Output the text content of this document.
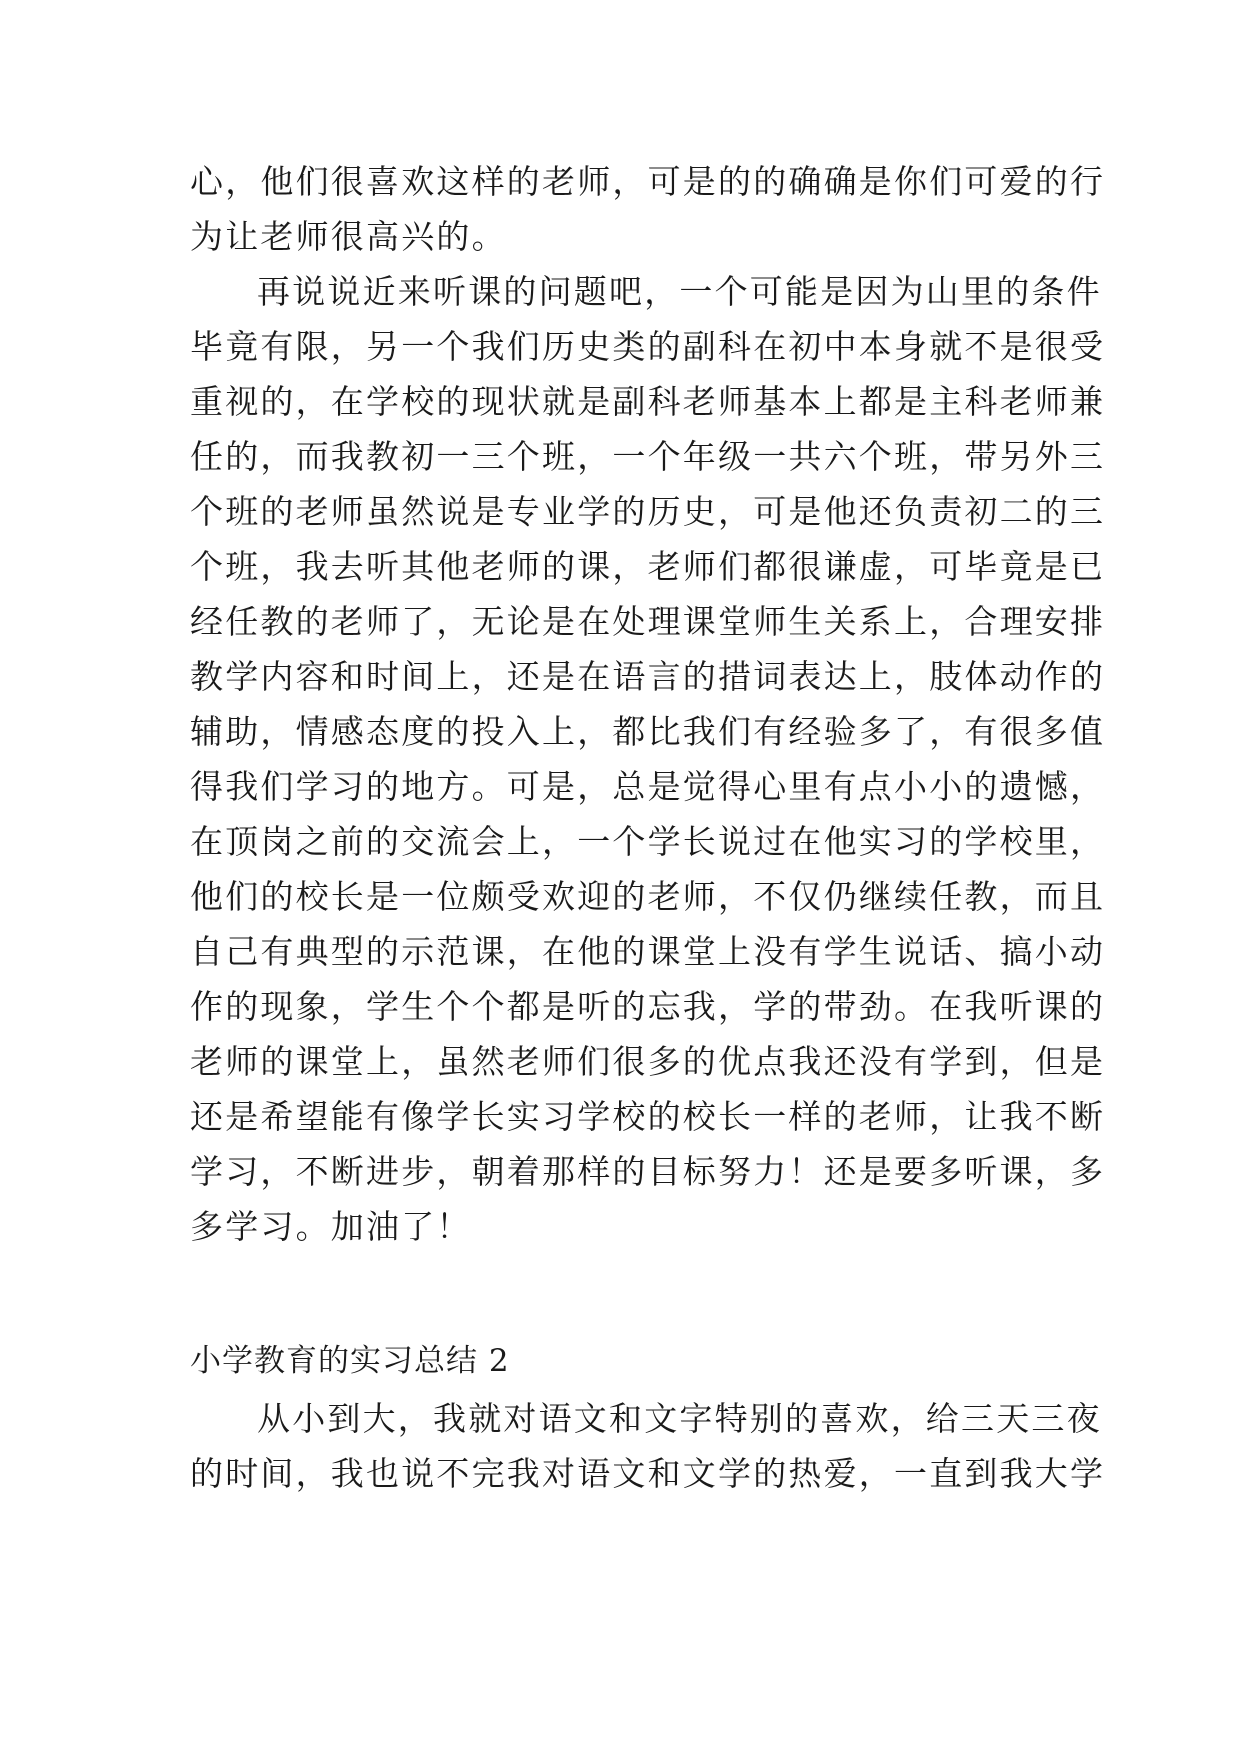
心，他们很喜欢这样的老师，可是的的确确是你们可爱的行
为让老师很高兴的。
再说说近来听课的问题吧，一个可能是因为山里的条件
毕竟有限，另一个我们历史类的副科在初中本身就不是很受
重视的，在学校的现状就是副科老师基本上都是主科老师兼
任的，而我教初一三个班，一个年级一共六个班，带另外三
个班的老师虽然说是专业学的历史，可是他还负责初二的三
个班，我去听其他老师的课，老师们都很谦虚，可毕竟是已
经任教的老师了，无论是在处理课堂师生关系上，合理安排
教学内容和时间上，还是在语言的措词表达上，肢体动作的
辅助，情感态度的投入上，都比我们有经验多了，有很多值
得我们学习的地方。可是，总是觉得心里有点小小的遗憾，
在顶岗之前的交流会上，一个学长说过在他实习的学校里，
他们的校长是一位颇受欢迎的老师，不仅仍继续任教，而且
自己有典型的示范课，在他的课堂上没有学生说话、搞小动
作的现象，学生个个都是听的忘我，学的带劲。在我听课的
老师的课堂上，虽然老师们很多的优点我还没有学到，但是
还是希望能有像学长实习学校的校长一样的老师，让我不断
学习，不断进步，朝着那样的目标努力！还是要多听课，多
多学习。加油了！
小学教育的实习总结 2
从小到大，我就对语文和文字特别的喜欢，给三天三夜
的时间，我也说不完我对语文和文学的热爱，一直到我大学
